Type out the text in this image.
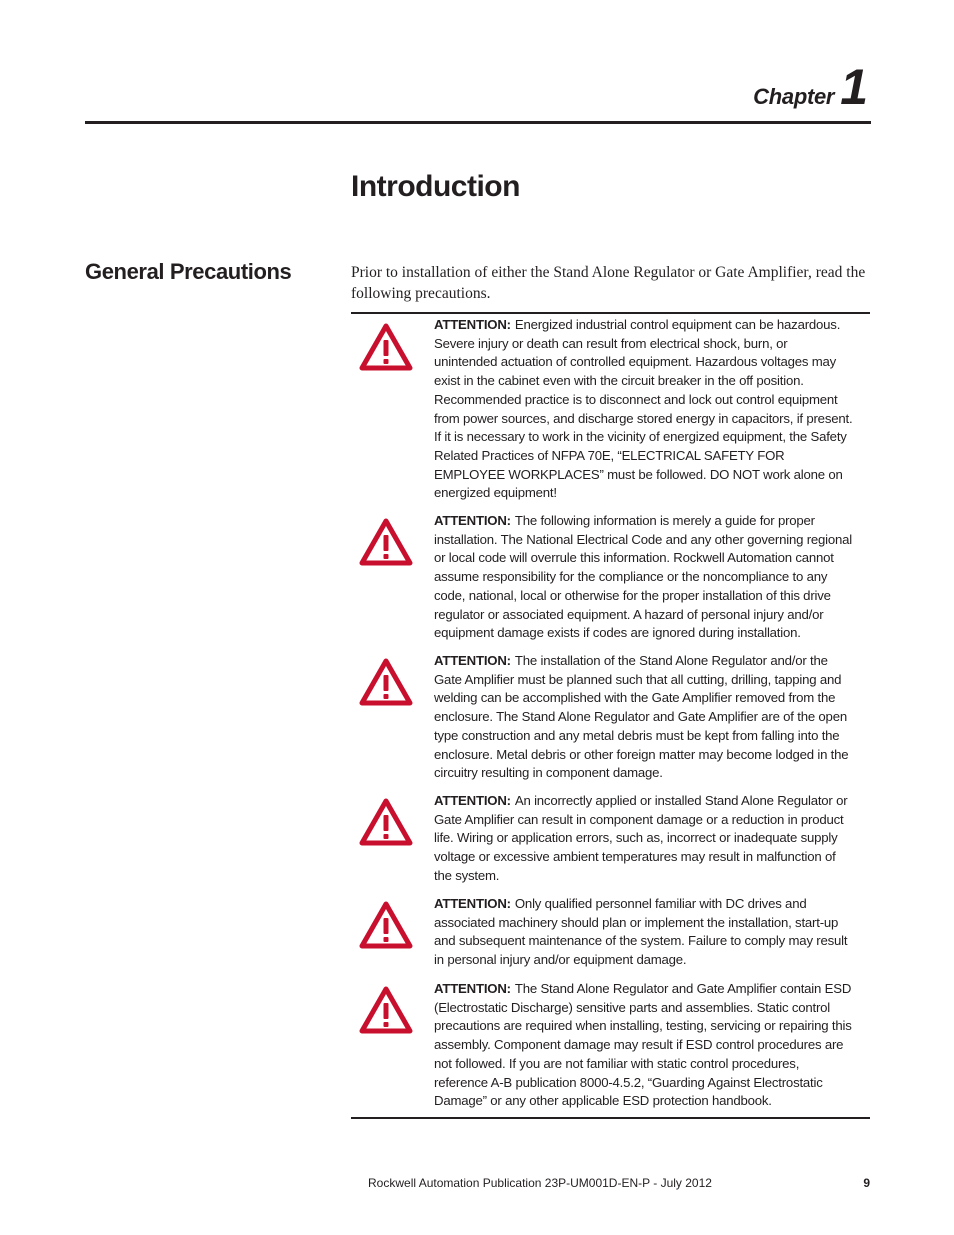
Chapter 1
Introduction
General Precautions	Prior to installation of either the Stand Alone Regulator or Gate Amplifier, read the following precautions.

ATTENTION: Energized industrial control equipment can be hazardous. Severe injury or death can result from electrical shock, burn, or unintended actuation of controlled equipment. Hazardous voltages may exist in the cabinet even with the circuit breaker in the off position. Recommended practice is to disconnect and lock out control equipment from power sources, and discharge stored energy in capacitors, if present. If it is necessary to work in the vicinity of energized equipment, the Safety Related Practices of NFPA 70E, “ELECTRICAL SAFETY FOR EMPLOYEE WORKPLACES” must be followed. DO NOT work alone on energized equipment!

ATTENTION: The following information is merely a guide for proper installation. The National Electrical Code and any other governing regional or local code will overrule this information. Rockwell Automation cannot assume responsibility for the compliance or the noncompliance to any code, national, local or otherwise for the proper installation of this drive regulator or associated equipment. A hazard of personal injury and/or equipment damage exists if codes are ignored during installation.

ATTENTION: The installation of the Stand Alone Regulator and/or the Gate Amplifier must be planned such that all cutting, drilling, tapping and welding can be accomplished with the Gate Amplifier removed from the enclosure. The Stand Alone Regulator and Gate Amplifier are of the open type construction and any metal debris must be kept from falling into the enclosure. Metal debris or other foreign matter may become lodged in the circuitry resulting in component damage.

ATTENTION: An incorrectly applied or installed Stand Alone Regulator or Gate Amplifier can result in component damage or a reduction in product life. Wiring or application errors, such as, incorrect or inadequate supply voltage or excessive ambient temperatures may result in malfunction of the system.

ATTENTION: Only qualified personnel familiar with DC drives and associated machinery should plan or implement the installation, start-up and subsequent maintenance of the system. Failure to comply may result in personal injury and/or equipment damage.

ATTENTION: The Stand Alone Regulator and Gate Amplifier contain ESD (Electrostatic Discharge) sensitive parts and assemblies. Static control precautions are required when installing, testing, servicing or repairing this assembly. Component damage may result if ESD control procedures are not followed. If you are not familiar with static control procedures, reference A-B publication 8000-4.5.2, “Guarding Against Electrostatic Damage” or any other applicable ESD protection handbook.

Rockwell Automation Publication 23P-UM001D-EN-P - July 2012	9
